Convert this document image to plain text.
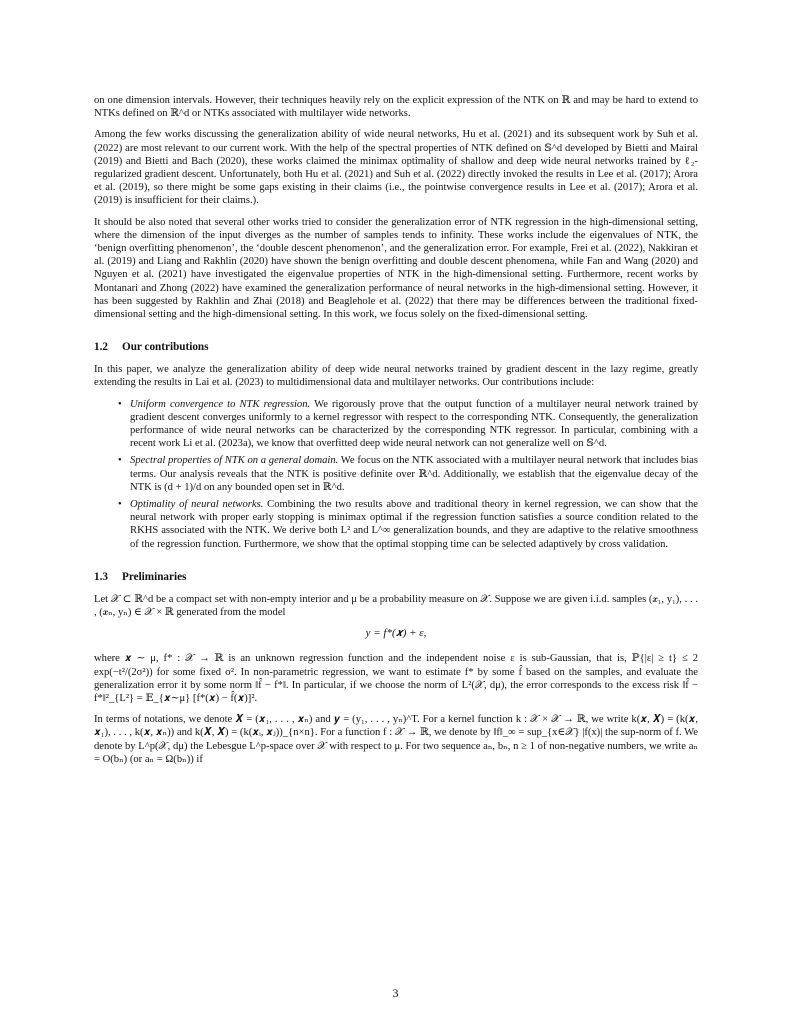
on one dimension intervals. However, their techniques heavily rely on the explicit expression of the NTK on ℝ and may be hard to extend to NTKs defined on ℝ^d or NTKs associated with multilayer wide networks.

Among the few works discussing the generalization ability of wide neural networks, Hu et al. (2021) and its subsequent work by Suh et al. (2022) are most relevant to our current work. With the help of the spectral properties of NTK defined on 𝕊^d developed by Bietti and Mairal (2019) and Bietti and Bach (2020), these works claimed the minimax optimality of shallow and deep wide neural networks trained by ℓ₂-regularized gradient descent. Unfortunately, both Hu et al. (2021) and Suh et al. (2022) directly invoked the results in Lee et al. (2017); Arora et al. (2019), so there might be some gaps existing in their claims (i.e., the pointwise convergence results in Lee et al. (2017); Arora et al. (2019) is insufficient for their claims.).

It should be also noted that several other works tried to consider the generalization error of NTK regression in the high-dimensional setting, where the dimension of the input diverges as the number of samples tends to infinity. These works include the eigenvalues of NTK, the ‘benign overfitting phenomenon’, the ‘double descent phenomenon’, and the generalization error. For example, Frei et al. (2022), Nakkiran et al. (2019) and Liang and Rakhlin (2020) have shown the benign overfitting and double descent phenomena, while Fan and Wang (2020) and Nguyen et al. (2021) have investigated the eigenvalue properties of NTK in the high-dimensional setting. Furthermore, recent works by Montanari and Zhong (2022) have examined the generalization performance of neural networks in the high-dimensional setting. However, it has been suggested by Rakhlin and Zhai (2018) and Beaglehole et al. (2022) that there may be differences between the traditional fixed-dimensional setting and the high-dimensional setting. In this work, we focus solely on the fixed-dimensional setting.

1.2 Our contributions

In this paper, we analyze the generalization ability of deep wide neural networks trained by gradient descent in the lazy regime, greatly extending the results in Lai et al. (2023) to multidimensional data and multilayer networks. Our contributions include:

• Uniform convergence to NTK regression. We rigorously prove that the output function of a multilayer neural network trained by gradient descent converges uniformly to a kernel regressor with respect to the corresponding NTK. Consequently, the generalization performance of wide neural networks can be characterized by the corresponding NTK regressor. In particular, combining with a recent work Li et al. (2023a), we know that overfitted deep wide neural network can not generalize well on 𝕊^d.
• Spectral properties of NTK on a general domain. We focus on the NTK associated with a multilayer neural network that includes bias terms. Our analysis reveals that the NTK is positive definite over ℝ^d. Additionally, we establish that the eigenvalue decay of the NTK is (d + 1)/d on any bounded open set in ℝ^d.
• Optimality of neural networks. Combining the two results above and traditional theory in kernel regression, we can show that the neural network with proper early stopping is minimax optimal if the regression function satisfies a source condition related to the RKHS associated with the NTK. We derive both L² and L^∞ generalization bounds, and they are adaptive to the relative smoothness of the regression function. Furthermore, we show that the optimal stopping time can be selected adaptively by cross validation.
1.3 Preliminaries

Let 𝒳 ⊂ ℝ^d be a compact set with non-empty interior and μ be a probability measure on 𝒳. Suppose we are given i.i.d. samples (𝒙₁, y₁), . . . , (𝒙ₙ, yₙ) ∈ 𝒳 × ℝ generated from the model

y = f*(𝒙) + ε,

where 𝒙 ∼ μ, f* : 𝒳 → ℝ is an unknown regression function and the independent noise ε is sub-Gaussian, that is, ℙ{|ε| ≥ t} ≤ 2 exp(−t²/(2σ²)) for some fixed σ². In non-parametric regression, we want to estimate f* by some f̂ based on the samples, and evaluate the generalization error it by some norm ‖f̂ − f*‖. In particular, if we choose the norm of L²(𝒳, dμ), the error corresponds to the excess risk ‖f̂ − f*‖²_{L²} = 𝔼_{𝒙∼μ} [f*(𝒙) − f̂(𝒙)]².

In terms of notations, we denote 𝑿 = (𝒙₁, . . . , 𝒙ₙ) and 𝒚 = (y₁, . . . , yₙ)^T. For a kernel function k : 𝒳 × 𝒳 → ℝ, we write k(𝒙, 𝑿) = (k(𝒙, 𝒙₁), . . . , k(𝒙, 𝒙ₙ)) and k(𝑿, 𝑿) = (k(𝒙ᵢ, 𝒙ⱼ))_{n×n}. For a function f : 𝒳 → ℝ, we denote by ‖f‖_∞ = sup_{x∈𝒳} |f(x)| the sup-norm of f. We denote by L^p(𝒳, dμ) the Lebesgue L^p-space over 𝒳 with respect to μ. For two sequence aₙ, bₙ, n ≥ 1 of non-negative numbers, we write aₙ = O(bₙ) (or aₙ = Ω(bₙ)) if

3
